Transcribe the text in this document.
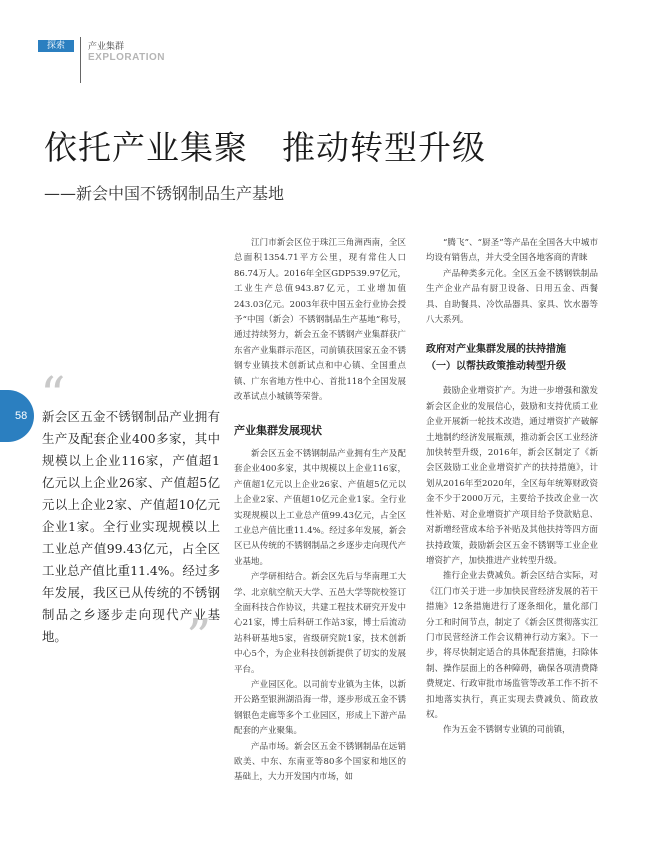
探索	产业集群
EXPLORATION
依托产业集聚　推动转型升级
——新会中国不锈钢制品生产基地
58 “
新会区五金不锈钢制品产业拥有生产及配套企业400多家，其中规模以上企业116家，产值超1亿元以上企业26家、产值超5亿元以上企业2家、产值超10亿元企业1家。全行业实现规模以上工业总产值99.43亿元，占全区工业总产值比重11.4%。经过多年发展，我区已从传统的不锈钢制品之乡逐步走向现代产业基地。	”

江门市新会区位于珠江三角洲西南，全区总面积1354.71平方公里，现有常住人口86.74万人。2016年全区GDP539.97亿元，工业生产总值943.87亿元，工业增加值243.03亿元。2003年获中国五金行业协会授予“中国（新会）不锈钢制品生产基地”称号，通过持续努力，新会五金不锈钢产业集群获广东省产业集群示范区，司前镇获国家五金不锈钢专业镇技术创新试点和中心镇、全国重点镇、广东省地方性中心、首批118个全国发展改革试点小城镇等荣誉。

产业集群发展现状

新会区五金不锈钢制品产业拥有生产及配套企业400多家，其中规模以上企业116家，产值超1亿元以上企业26家、产值超5亿元以上企业2家、产值超10亿元企业1家。全行业实现规模以上工业总产值99.43亿元，占全区工业总产值比重11.4%。经过多年发展，新会区已从传统的不锈钢制品之乡逐步走向现代产业基地。

产学研相结合。新会区先后与华南理工大学、北京航空航天大学、五邑大学等院校签订全面科技合作协议，共建工程技术研究开发中心21家，博士后科研工作站3家，博士后流动站科研基地5家，省级研究院1家，技术创新中心5个，为企业科技创新提供了切实的发展平台。

产业园区化。以司前专业镇为主体，以新开公路至银洲湖沿海一带，逐步形成五金不锈钢银色走廊等多个工业园区，形成上下游产品配套的产业聚集。

产品市场。新会区五金不锈钢制品在远销欧美、中东、东南亚等80多个国家和地区的基础上，大力开发国内市场，如

“腾飞”、“厨圣”等产品在全国各大中城市均设有销售点，并大受全国各地客商的青睐

产品种类多元化。全区五金不锈钢铁制品生产企业产品有厨卫设备、日用五金、西餐具、自助餐具、冷饮品器具、家具、饮水器等八大系列。

政府对产业集群发展的扶持措施
（一）以帮扶政策推动转型升级

鼓励企业增资扩产。为进一步增强和激发新会区企业的发展信心，鼓励和支持优质工业企业开展新一轮技术改造，通过增资扩产破解土地制约经济发展瓶颈，推动新会区工业经济加快转型升级，2016年，新会区制定了《新会区鼓励工业企业增资扩产的扶持措施》，计划从2016年至2020年，全区每年统筹财政资金不少于2000万元，主要给予技改企业一次性补贴、对企业增资扩产项目给予贷款贴息、对新增经营成本给予补贴及其他扶持等四方面扶持政策，鼓励新会区五金不锈钢等工业企业增资扩产，加快推进产业转型升级。

推行企业去费减负。新会区结合实际，对《江门市关于进一步加快民营经济发展的若干措施》12条措施进行了逐条细化，量化部门分工和时间节点，制定了《新会区贯彻落实江门市民营经济工作会议精神行动方案》。下一步，将尽快制定适合的具体配套措施，扫除体制、操作层面上的各种障碍，确保各项清费降费规定、行政审批市场监管等改革工作不折不扣地落实执行，真正实现去费减负、简政放权。

作为五金不锈钢专业镇的司前镇，
